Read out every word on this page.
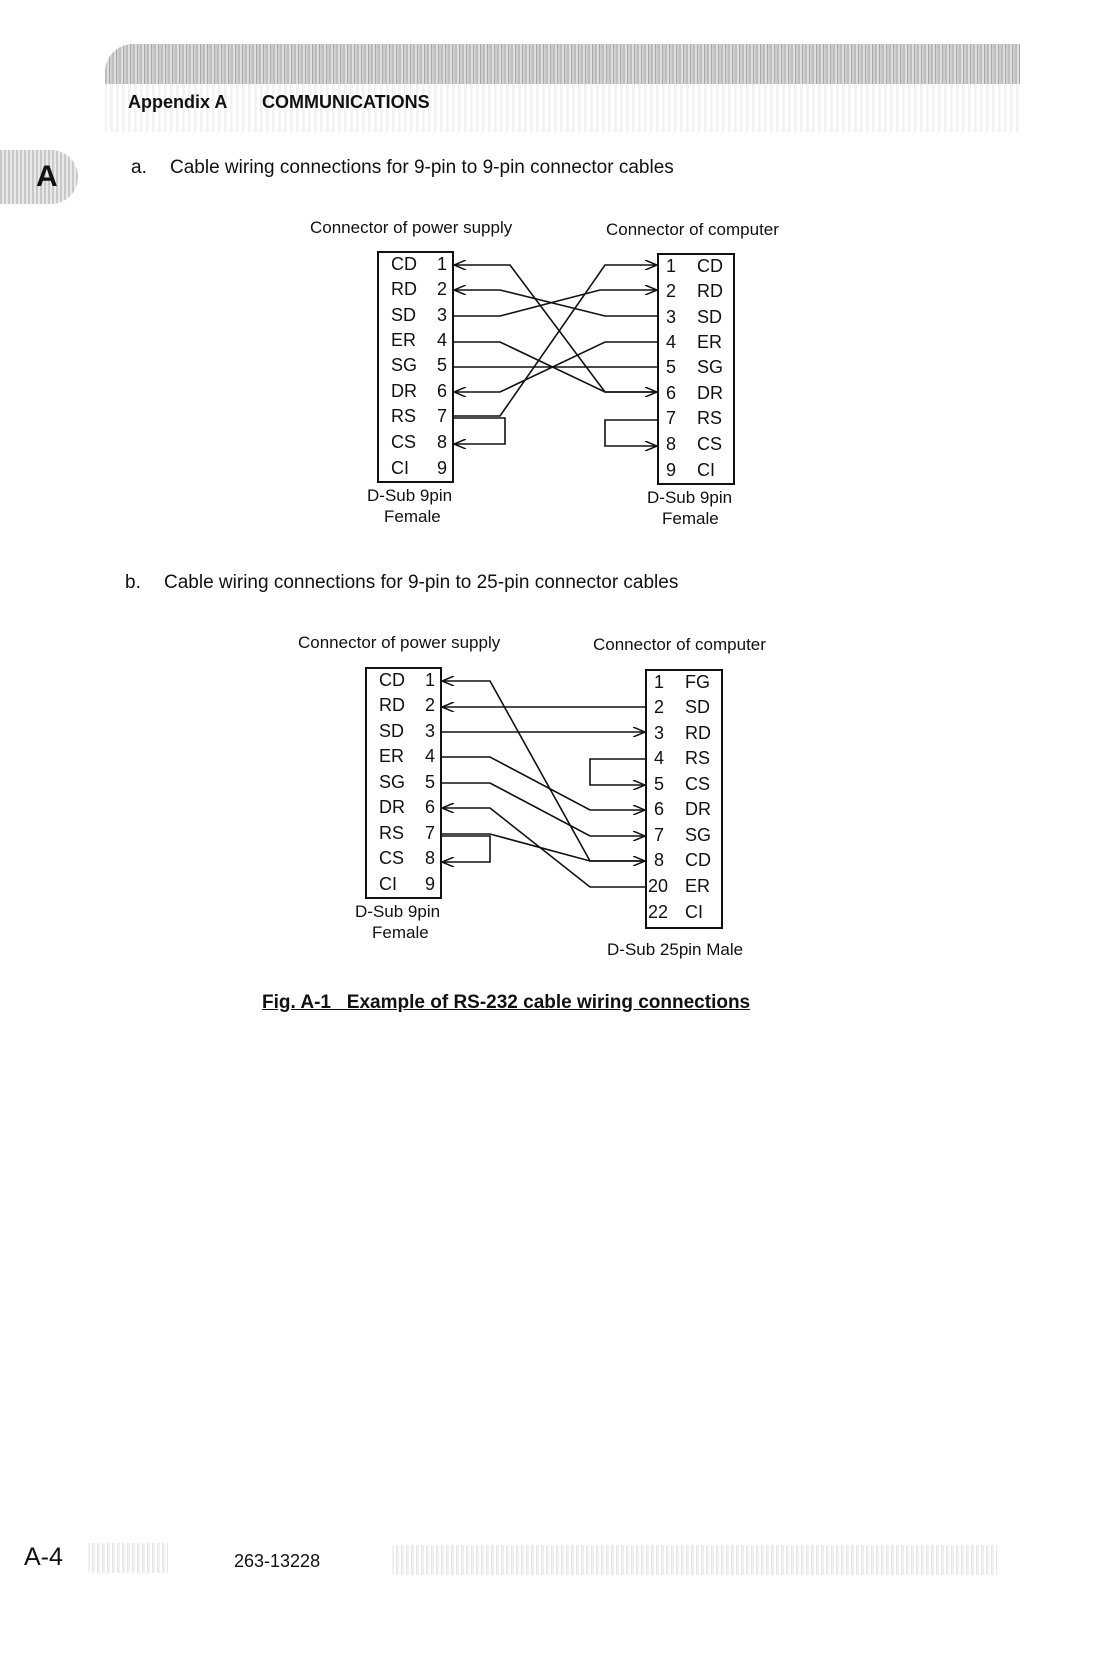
Appendix A COMMUNICATIONS
A	a. Cable wiring connections for 9-pin to 9-pin connector cables
Connector of power supply	Connector of computer
CD 1
RD 2
SD 3
ER 4
SG 5
DR 6
RS 7
CS 8
CI 9
1 CD
2 RD
3 SD
4 ER
5 SG
6 DR
7 RS
8 CS
9 CI
D-Sub 9pin
Female
D-Sub 9pin
Female
b. Cable wiring connections for 9-pin to 25-pin connector cables
Connector of power supply	Connector of computer
CD 1
RD 2
SD 3
ER 4
SG 5
DR 6
RS 7
CS 8
CI 9
1 FG
2 SD
3 RD
4 RS
5 CS
6 DR
7 SG
8 CD
20 ER
22 CI
D-Sub 9pin
Female
D-Sub 25pin Male
Fig. A-1   Example of RS-232 cable wiring connections
A-4	263-13228
